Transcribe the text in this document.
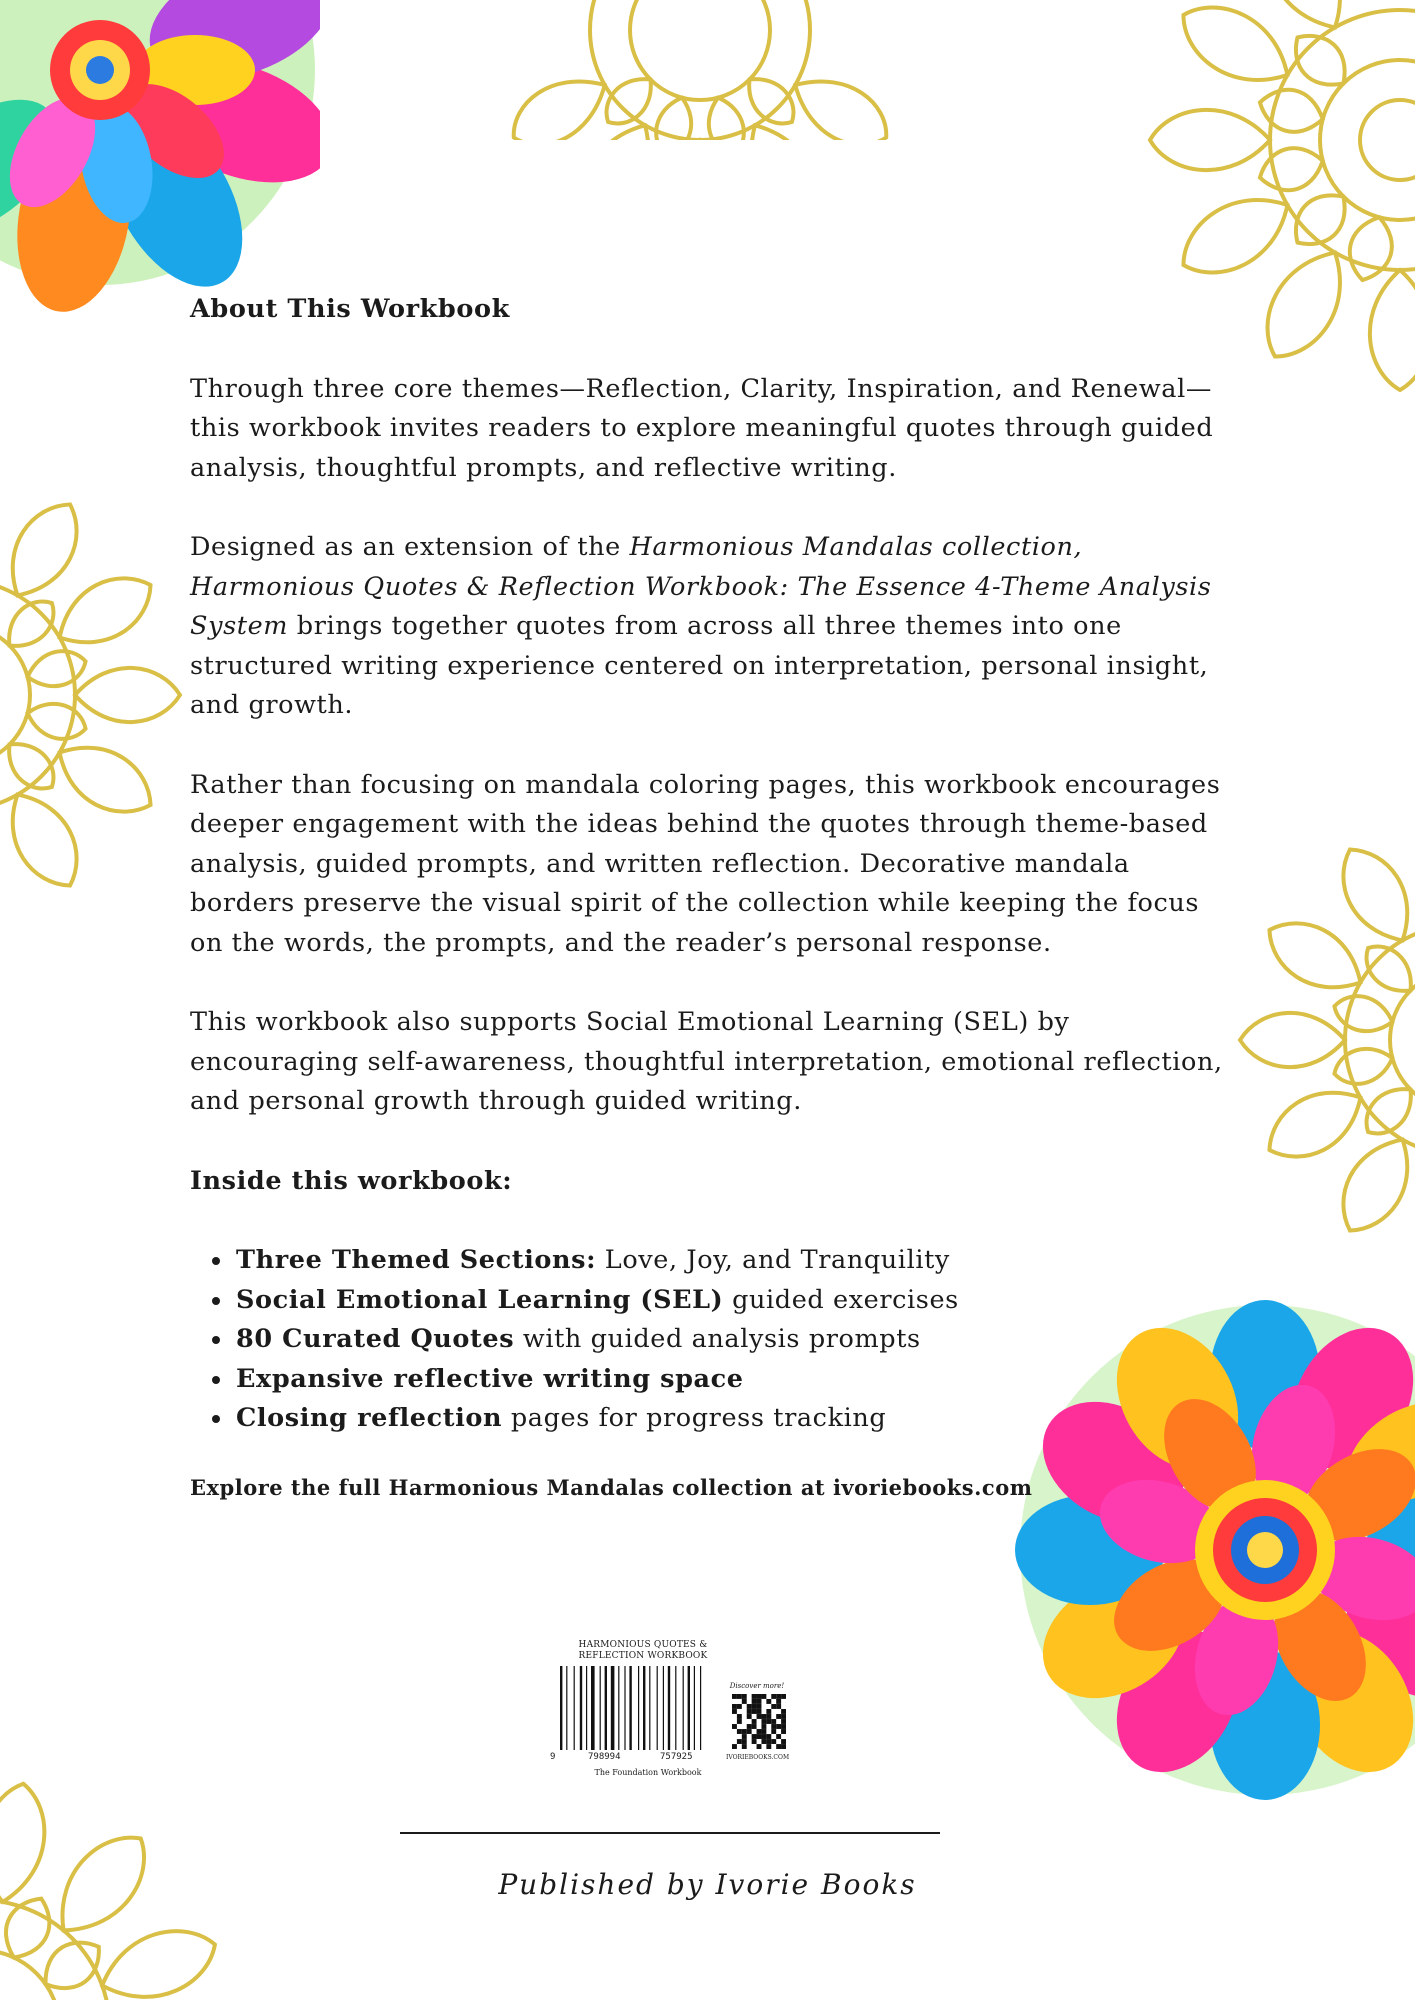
About This Workbook

Through three core themes—Reflection, Clarity, Inspiration, and Renewal—this workbook invites readers to explore meaningful quotes through guided analysis, thoughtful prompts, and reflective writing.

Designed as an extension of the Harmonious Mandalas collection, Harmonious Quotes & Reflection Workbook: The Essence 4-Theme Analysis System brings together quotes from across all three themes into one structured writing experience centered on interpretation, personal insight, and growth.

Rather than focusing on mandala coloring pages, this workbook encourages deeper engagement with the ideas behind the quotes through theme-based analysis, guided prompts, and written reflection. Decorative mandala borders preserve the visual spirit of the collection while keeping the focus on the words, the prompts, and the reader’s personal response.

This workbook also supports Social Emotional Learning (SEL) by encouraging self-awareness, thoughtful interpretation, emotional reflection, and personal growth through guided writing.

Inside this workbook:

• Three Themed Sections: Love, Joy, and Tranquility
• Social Emotional Learning (SEL) guided exercises
• 80 Curated Quotes with guided analysis prompts
• Expansive reflective writing space
• Closing reflection pages for progress tracking

Explore the full Harmonious Mandalas collection at ivoriebooks.com

HARMONIOUS QUOTES & REFLECTION WORKBOOK
9	798994	757925
The Foundation Workbook
Discover more!
IVORIEBOOKS.COM
Published by Ivorie Books
